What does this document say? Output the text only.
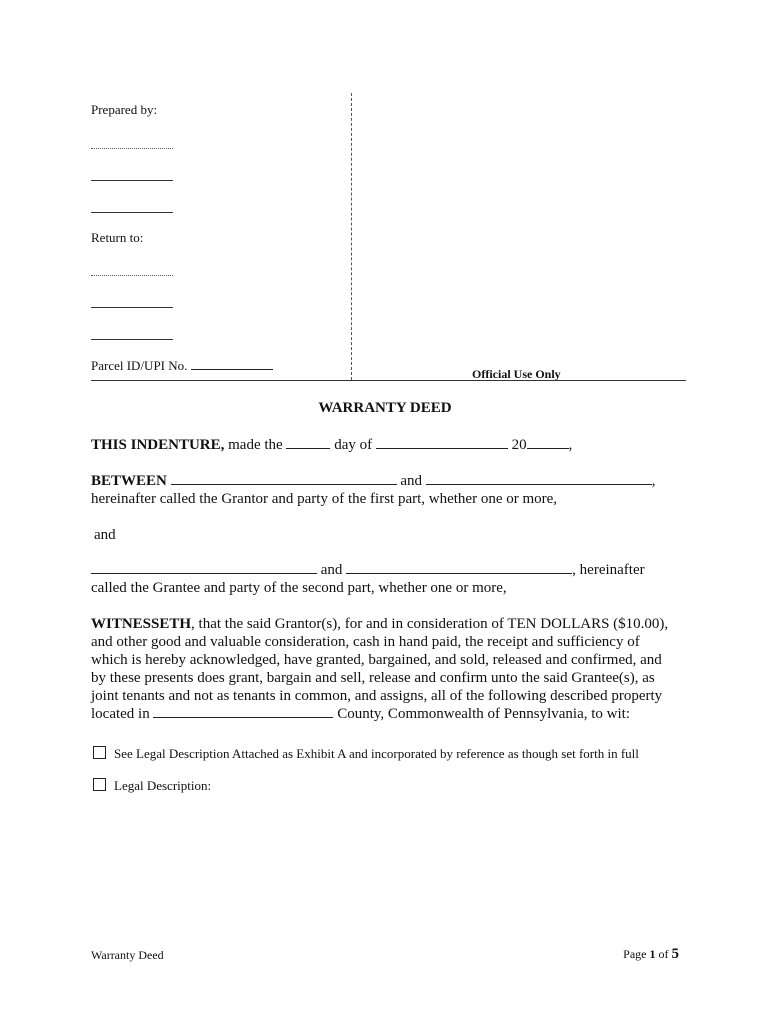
Prepared by:
Return to:
Parcel ID/UPI No.
Official Use Only
WARRANTY DEED
THIS INDENTURE, made the	day of	20	,
BETWEEN	and	,
hereinafter called the Grantor and party of the first part, whether one or more,
and
and	, hereinafter
called the Grantee and party of the second part, whether one or more,
WITNESSETH, that the said Grantor(s), for and in consideration of TEN DOLLARS ($10.00),
and other good and valuable consideration, cash in hand paid, the receipt and sufficiency of
which is hereby acknowledged, have granted, bargained, and sold, released and confirmed, and
by these presents does grant, bargain and sell, release and confirm unto the said Grantee(s), as
joint tenants and not as tenants in common, and assigns, all of the following described property
located in	County, Commonwealth of Pennsylvania, to wit:
See Legal Description Attached as Exhibit A and incorporated by reference as though set forth in full
Legal Description:
Warranty Deed	Page 1 of 5
